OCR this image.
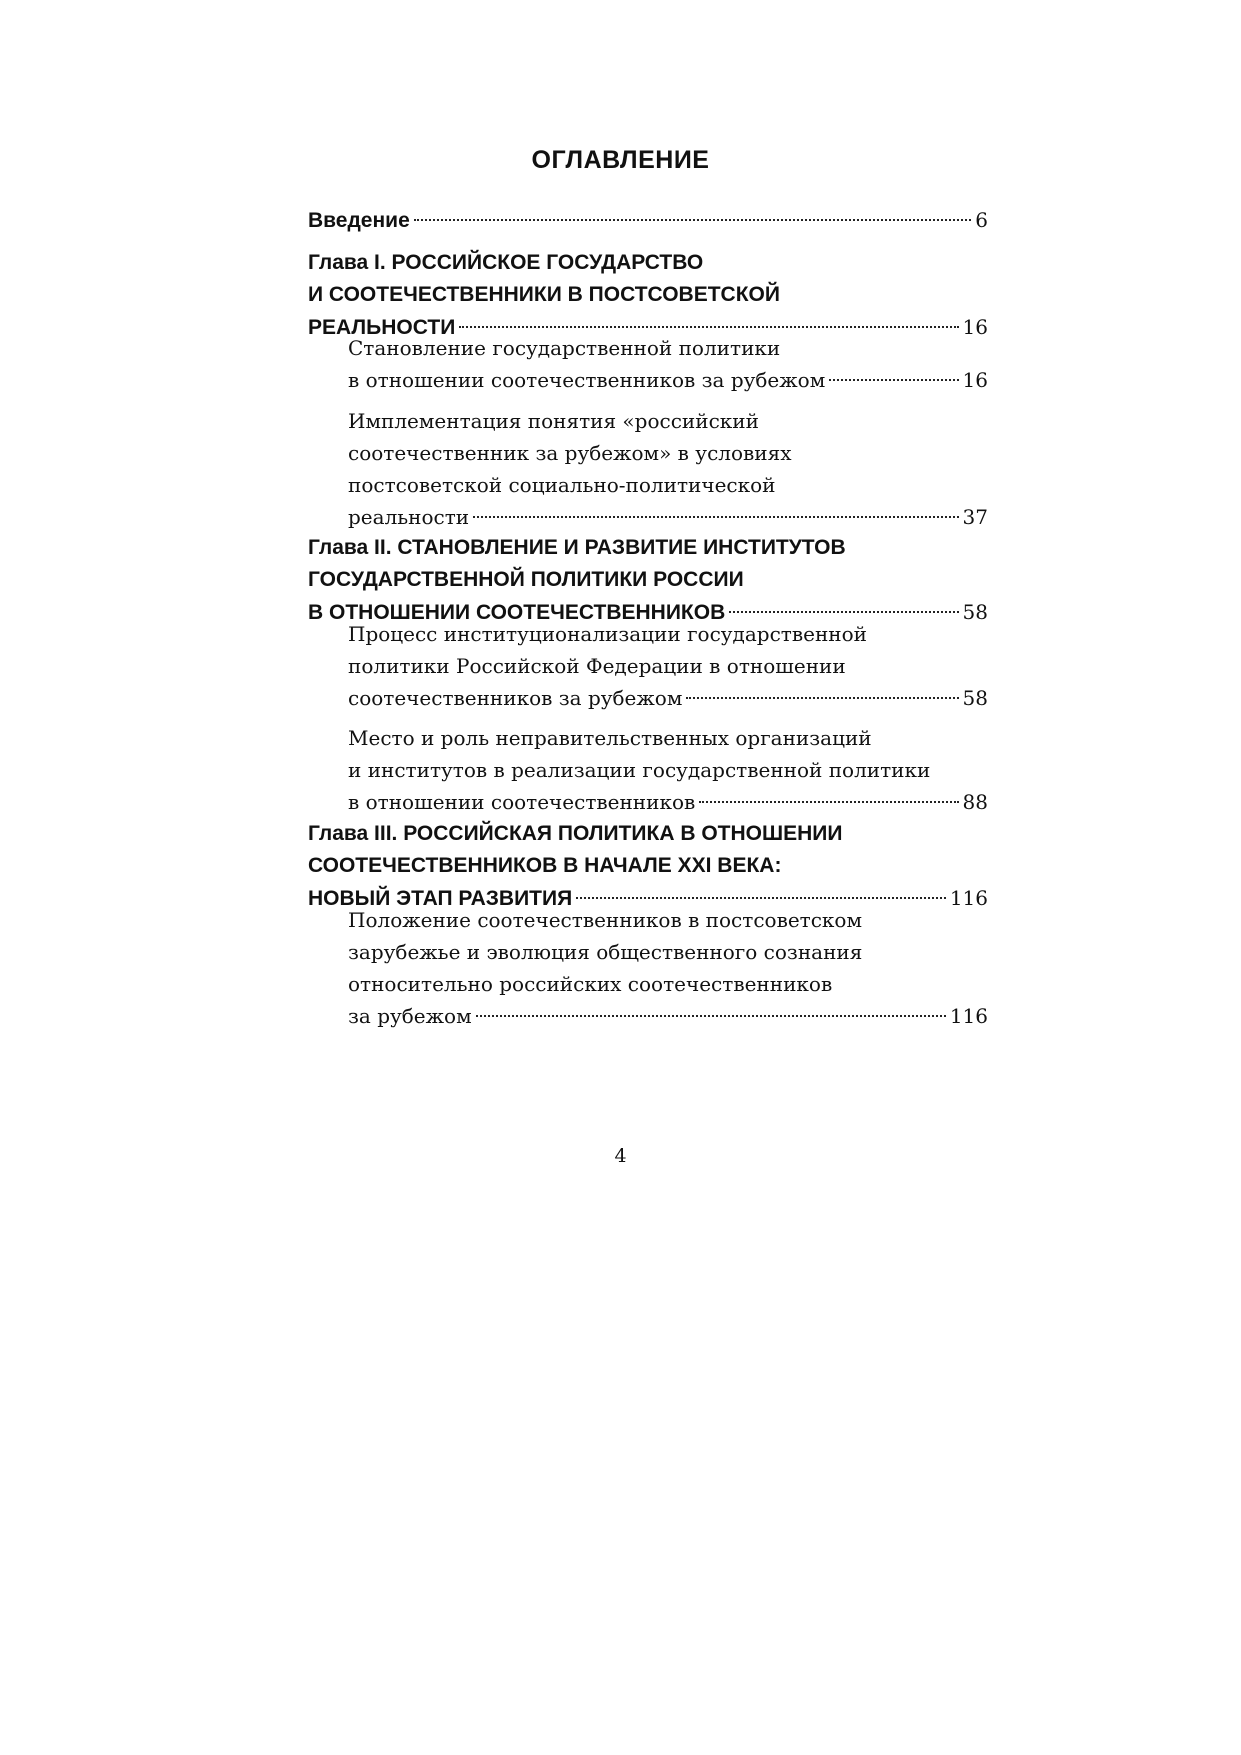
ОГЛАВЛЕНИЕ
Введение	6
Глава I. РОССИЙСКОЕ ГОСУДАРСТВО
И СООТЕЧЕСТВЕННИКИ В ПОСТСОВЕТСКОЙ
РЕАЛЬНОСТИ	16
Становление государственной политики
в отношении соотечественников за рубежом	16
Имплементация понятия «российский
соотечественник за рубежом» в условиях
постсоветской социально-политической
реальности	37
Глава II. СТАНОВЛЕНИЕ И РАЗВИТИЕ ИНСТИТУТОВ
ГОСУДАРСТВЕННОЙ ПОЛИТИКИ РОССИИ
В ОТНОШЕНИИ СООТЕЧЕСТВЕННИКОВ	58
Процесс институционализации государственной
политики Российской Федерации в отношении
соотечественников за рубежом	58
Место и роль неправительственных организаций
и институтов в реализации государственной политики
в отношении соотечественников	88
Глава III. РОССИЙСКАЯ ПОЛИТИКА В ОТНОШЕНИИ
СООТЕЧЕСТВЕННИКОВ В НАЧАЛЕ XXI ВЕКА:
НОВЫЙ ЭТАП РАЗВИТИЯ	116
Положение соотечественников в постсоветском
зарубежье и эволюция общественного сознания
относительно российских соотечественников
за рубежом	116
4
